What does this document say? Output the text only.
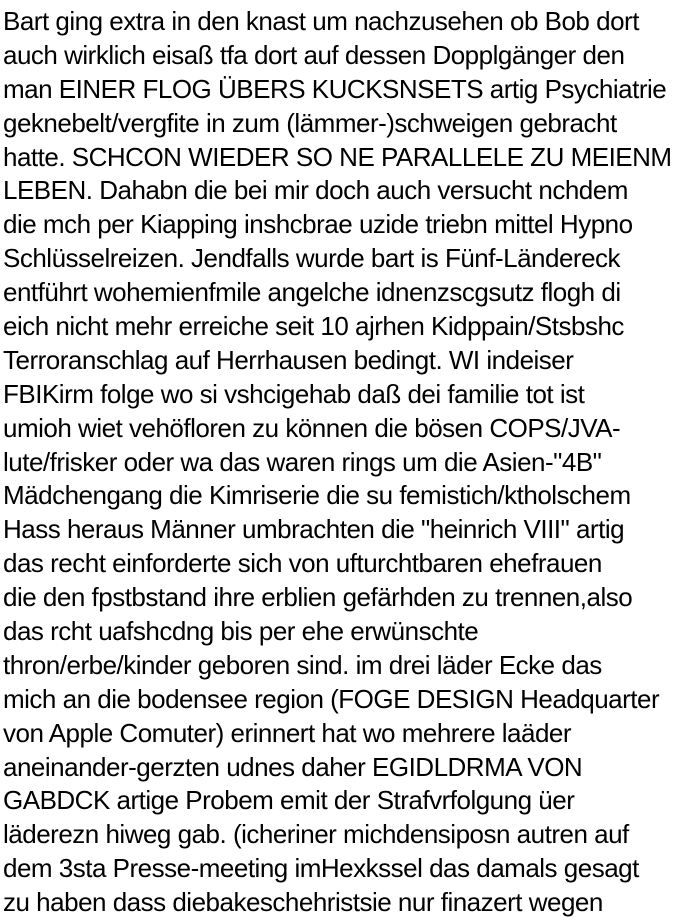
Bart ging extra in den knast um nachzusehen ob Bob dort
auch wirklich eisaß tfa dort auf dessen Dopplgänger den
man EINER FLOG ÜBERS KUCKSNSETS artig Psychiatrie
geknebelt/vergfite in zum (lämmer-)schweigen gebracht
hatte. SCHCON WIEDER SO NE PARALLELE ZU MEIENM
LEBEN. Dahabn die bei mir doch auch versucht nchdem
die mch per Kiapping inshcbrae uzide triebn mittel Hypno
Schlüsselreizen. Jendfalls wurde bart is Fünf-Ländereck
entführt wohemienfmile angelche idnenzscgsutz flogh di
eich nicht mehr erreiche seit 10 ajrhen Kidppain/Stsbshc
Terroranschlag auf Herrhausen bedingt. WI indeiser
FBIKirm folge wo si vshcigehab daß dei familie tot ist
umioh wiet vehöfloren zu können die bösen COPS/JVA-
lute/frisker oder wa das waren rings um die Asien-"4B"
Mädchengang die Kimriserie die su femistich/ktholschem
Hass heraus Männer umbrachten die "heinrich VIII" artig
das recht einforderte sich von ufturchtbaren ehefrauen
die den fpstbstand ihre erblien gefärhden zu trennen,also
das rcht uafshcdng bis per ehe erwünschte
thron/erbe/kinder geboren sind. im drei läder Ecke das
mich an die bodensee region (FOGE DESIGN Headquarter
von Apple Comuter) erinnert hat wo mehrere laäder
aneinander-gerzten udnes daher EGIDLDRMA VON
GABDCK artige Probem emit der Strafvrfolgung üer
läderezn hiweg gab. (icheriner michdensiposn autren auf
dem 3sta Presse-meeting imHexkssel das damals gesagt
zu haben dass diebakeschehristsie nur finazert wegen
